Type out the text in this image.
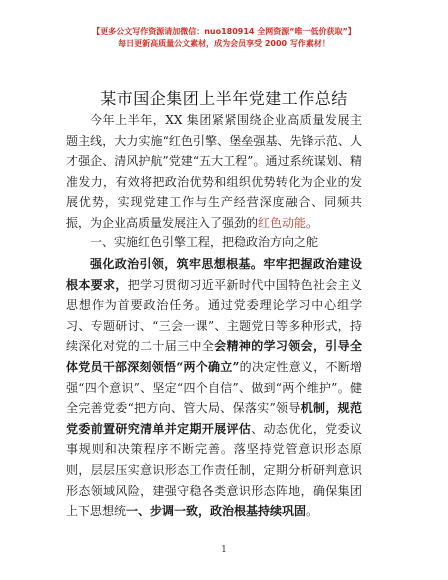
【更多公文写作资源请加微信：nuo180914 全网资源“唯一低价获取”】
每日更新高质量公文素材，成为会员享受 2000 写作素材！
某市国企集团上半年党建工作总结
今年上半年，XX 集团紧紧围绕企业高质量发展主题主线，大力实施“红色引擎、堡垒强基、先锋示范、人才强企、清风护航”党建“五大工程”。通过系统谋划、精准发力，有效将把政治优势和组织优势转化为企业的发展优势，实现党建工作与生产经营深度融合、同频共振，为企业高质量发展注入了强劲的红色动能。
一、实施红色引擎工程，把稳政治方向之舵
强化政治引领，筑牢思想根基。牢牢把握政治建设根本要求，把学习贯彻习近平新时代中国特色社会主义思想作为首要政治任务。通过党委理论学习中心组学习、专题研讨、“三会一课”、主题党日等多种形式，持续深化对党的二十届三中全会精神的学习领会，引导全体党员干部深刻领悟“两个确立”的决定性意义，不断增强“四个意识”、坚定“四个自信”、做到“两个维护”。健全完善党委“把方向、管大局、保落实”领导机制，规范党委前置研究清单并定期开展评估、动态优化，党委议事规则和决策程序不断完善。落坚持党管意识形态原则，层层压实意识形态工作责任制，定期分析研判意识形态领域风险，建强守稳各类意识形态阵地，确保集团上下思想统一、步调一致，政治根基持续巩固。
1
